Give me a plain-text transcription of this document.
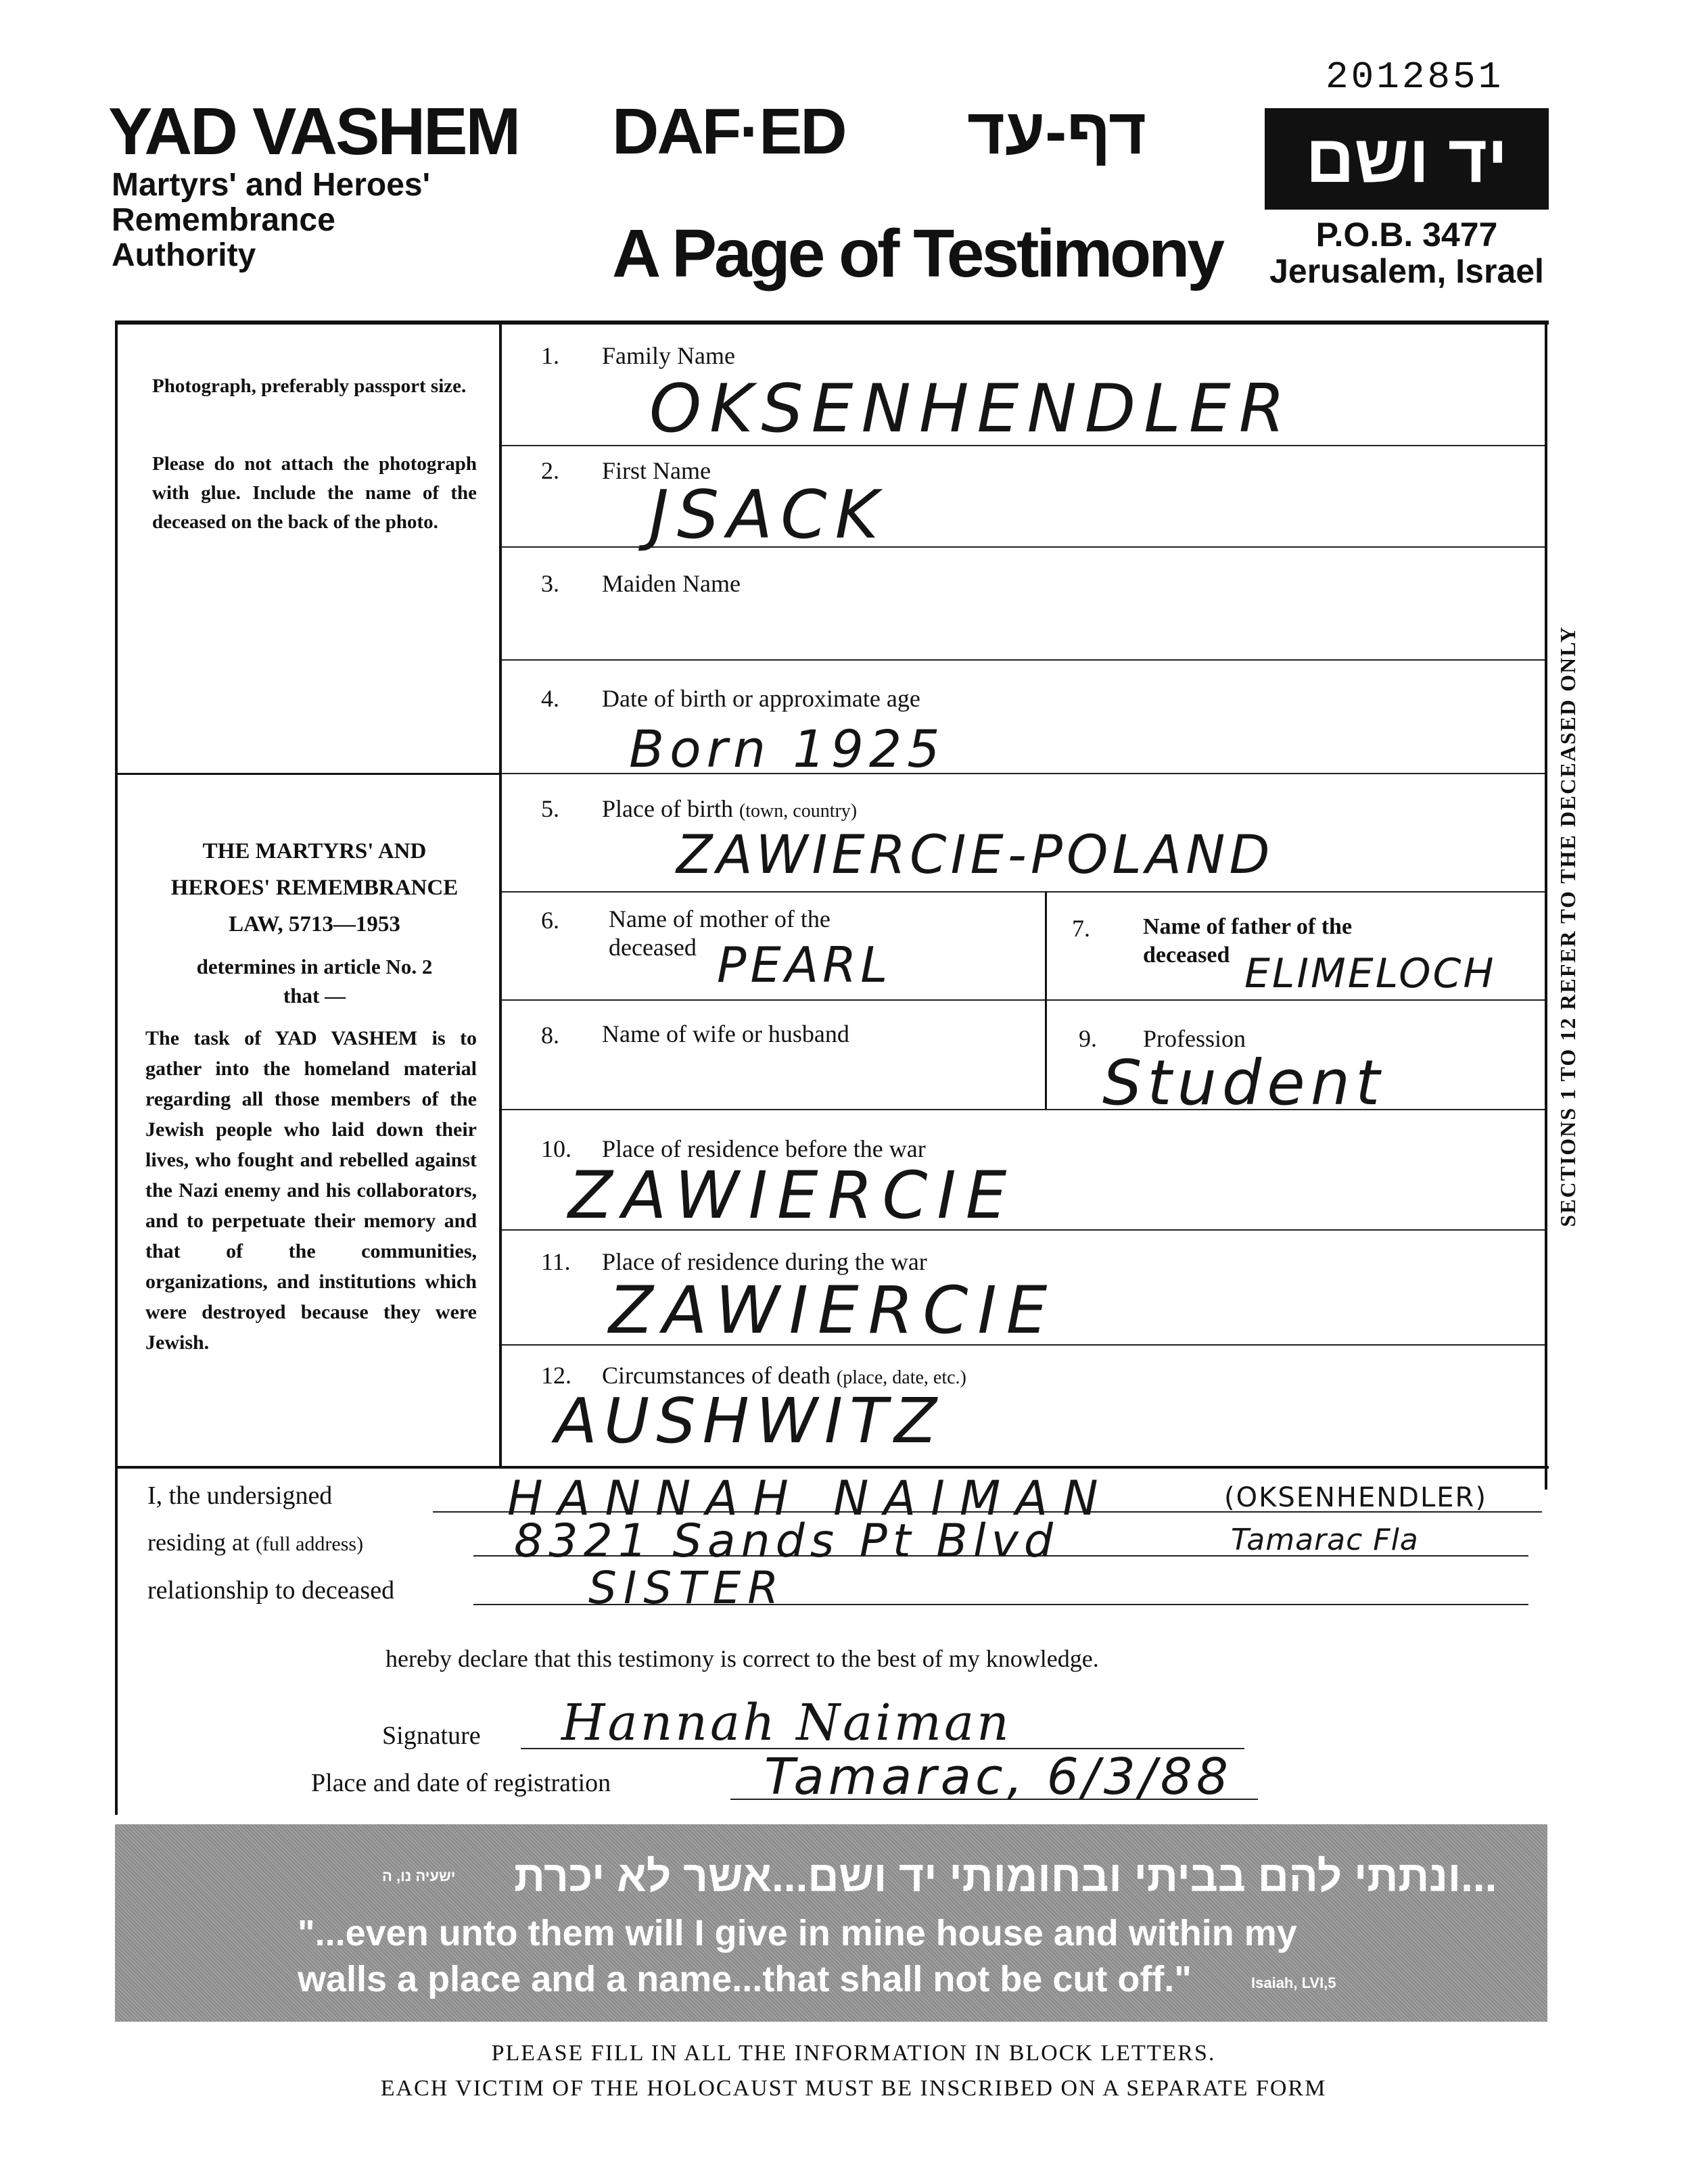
2012851
YAD VASHEM
Martyrs' and Heroes'
Remembrance
Authority
DAF·ED דף-עד
A Page of Testimony
יד ושם
P.O.B. 3477
Jerusalem, Israel
Photograph, preferably passport size.
Please do not attach the photograph with glue. Include the name of the deceased on the back of the photo.
THE MARTYRS' AND
HEROES' REMEMBRANCE
LAW, 5713—1953
determines in article No. 2
that —
The task of YAD VASHEM is to gather into the homeland material regarding all those members of the Jewish people who laid down their lives, who fought and rebelled against the Nazi enemy and his collaborators, and to perpetuate their memory and that of the communities, organizations, and institutions which were destroyed because they were Jewish.
1. Family Name
OKSENHENDLER
2. First Name
JSACK
3. Maiden Name
4. Date of birth or approximate age
Born 1925
5. Place of birth (town, country)
ZAWIERCIE-POLAND
6. Name of mother of the
deceased PEARL
7. Name of father of the
deceased ELIMELOCH
8. Name of wife or husband	9. Profession
Student
10. Place of residence before the war
ZAWIERCIE
11. Place of residence during the war
ZAWIERCIE
12. Circumstances of death (place, date, etc.)
AUSHWITZ
SECTIONS 1 TO 12 REFER TO THE DECEASED ONLY
I, the undersigned	HANNAH NAIMAN	(OKSENHENDLER)
residing at (full address)	8321 Sands Pt Blvd	Tamarac Fla
relationship to deceased	SISTER
hereby declare that this testimony is correct to the best of my knowledge.
Signature Hannah Naiman
Place and date of registration	Tamarac, 6/3/88
...ונתתי להם בביתי ובחומותי יד ושם...אשר לא יכרת
ישעיה נו, ה
"...even unto them will I give in mine house and within my
walls a place and a name...that shall not be cut off."	Isaiah, LVI,5
PLEASE FILL IN ALL THE INFORMATION IN BLOCK LETTERS.
EACH VICTIM OF THE HOLOCAUST MUST BE INSCRIBED ON A SEPARATE FORM
